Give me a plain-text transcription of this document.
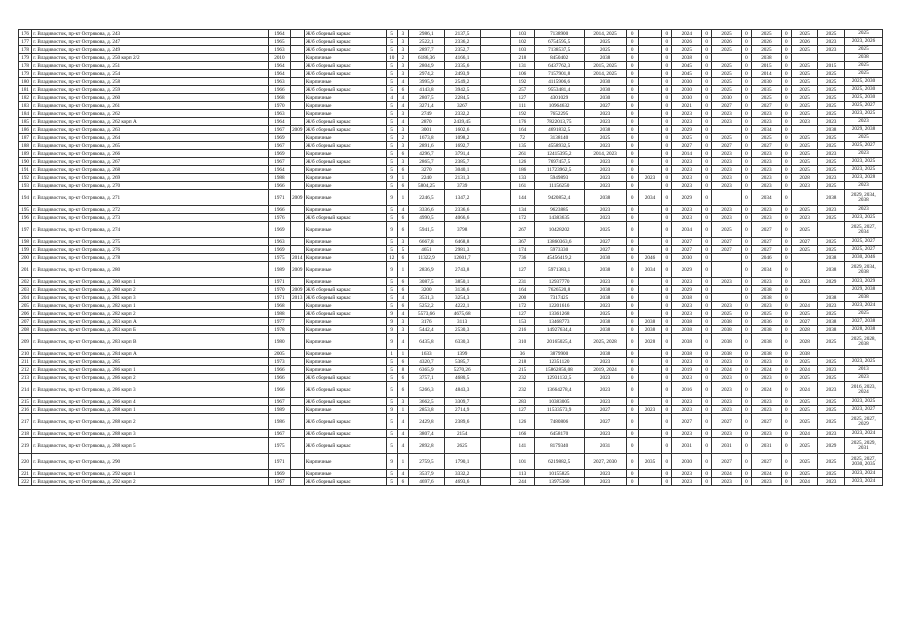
176	г. Владивосток, пр-кт Острякова, д. 243	1964		Ж/б сборный каркас	5	3	2986,1	2137,5		103	7138900	2014, 2025	0		0	2024	0	2025	0	2025	0	2025	2025	2025
177	г. Владивосток, пр-кт Острякова, д. 247	1965		Ж/б сборный каркас	5	3	2522,1	2336,2		102	6754595,5	2025	0		0	2026	0	2026	0	2026	0	2026	2023	2023, 2026
178	г. Владивосток, пр-кт Острякова, д. 249	1963		Ж/б сборный каркас	5	3	2897,7	2352,7		103	7138537,5	2025	0		0	2025	0	2025	0	2025	0	2025	2023	2025
179	г. Владивосток, пр-кт Острякова, д. 250 корп 2/2	2010		Кирпичные	10	2	6186,36	4166,1		218	8450402	2038	0		0	2038	0		0	2038	0			2038
178	г. Владивосток, пр-кт Острякова, д. 251	1964		Ж/б сборный каркас	5	3	2804,9	2335,6		131	6437762,3	2015, 2025	0		0	2045	0	2025	0	2015	0	2025	2015	2025
179	г. Владивосток, пр-кт Острякова, д. 254	1964		Ж/б сборный каркас	5	3	2974,2	2493,9		106	7157901,8	2014, 2025	0		0	2045	0	2025	0	2014	0	2025	2025	2025
180	г. Владивосток, пр-кт Острякова, д. 258	1963		Кирпичные	5	4	3995,9	2549,2		192	4115906,6	2030	0		0	2030	0	2025	0	2030	0	2025	2025	2025, 2030
181	г. Владивосток, пр-кт Острякова, д. 259	1966		Ж/б сборный каркас	5	6	4143,8	3942,5		257	9553481,4	2030	0		0	2030	0	2025	0	2035	0	2025	2025	2025, 2030
182	г. Владивосток, пр-кт Острякова, д. 260	1968		Кирпичные	4	4	2807,5	2284,5		127	4301029	2030	0		0	2030	0	2030	0	2025	0	2025	2025	2025, 2030
183	г. Владивосток, пр-кт Острякова, д. 261	1970		Кирпичные	5	4	3271,4	3267		111	10964632	2027	0		0	2021	0	2027	0	2027	0	2025	2025	2025, 2027
184	г. Владивосток, пр-кт Острякова, д. 262	1963		Кирпичные	5	3	2749	2332,2		192	7652295	2023	0		0	2023	0	2023	0	2023	0	2025	2025	2023, 2025
185	г. Владивосток, пр-кт Острякова, д. 262 корп А	1964		Ж/б сборный каркас	5	4	2870	2439,45		176	7822013,75	2023	0		0	2023	0	2023	0	2023	0	2023	2023	2023
186	г. Владивосток, пр-кт Острякова, д. 263	1967	2009	Ж/б сборный каркас	5	3	3001	1602,6		164	4691832,5	2038	0		0	2029	0		0	2034	0		2038	2029, 2038
187	г. Владивосток, пр-кт Острякова, д. 264	1969		Кирпичные	5	2	1673,8	1098,2		72	3138140	2025	0		0	2025	0	2025	0	2025	0	2025	2025	2025
188	г. Владивосток, пр-кт Острякова, д. 265	1967		Ж/б сборный каркас	5	3	2891,6	1692,7		135	4558932,5	2023	0		0	2027	0	2027	0	2027	0	2025	2025	2025, 2027
189	г. Владивосток, пр-кт Острякова, д. 266	1969		Кирпичные	5	6	4296,7	3791,4		261	12415395,2	2014, 2023	0		0	2014	0	2023	0	2023	0	2025	2023	2023
190	г. Владивосток, пр-кт Острякова, д. 267	1967		Ж/б сборный каркас	5	3	2865,7	2385,7		126	7697457,5	2023	0		0	2023	0	2023	0	2023	0	2025	2025	2023, 2025
191	г. Владивосток, пр-кт Острякова, д. 268	1964		Кирпичные	5	6	3270	3040,1		186	11723962,5	2023	0		0	2023	0	2023	0	2023	0	2025	2025	2023, 2025
192	г. Владивосток, пр-кт Острякова, д. 269	1988		Кирпичные	9	1	2240	2131,3		133	5949893	2023	0	2023	0	2023	0	2023	0	2023	0	2028	2023	2023, 2028
193	г. Владивосток, пр-кт Острякова, д. 270	1966		Кирпичные	5	6	5804,25	3739		161	11156250	2023	0		0	2023	0	2023	0	2023	0	2023	2025	2023
194	г. Владивосток, пр-кт Острякова, д. 271	1971	2009	Кирпичные	9	1	2246,5	1347,2		144	9420852,4	2038	0	2034	0	2029	0		0	2034	0		2038	2029, 2034, 2038
195	г. Владивосток, пр-кт Острякова, д. 272	1966		Кирпичные	5	4	3336,6	2336,6		134	9623885	2023	0		0	2023	0	2023	0	2023	0	2025	2023	2023
196	г. Владивосток, пр-кт Острякова, д. 273	1976		Ж/б сборный каркас	5	6	4990,5	4066,6		172	14383635	2023	0		0	2023	0	2023	0	2023	0	2023	2025	2023, 2025
197	г. Владивосток, пр-кт Острякова, д. 274	1969		Кирпичные	9	6	5941,5	3798		267	10428202	2025	0		0	2034	0	2025	0	2027	0	2025		2025, 2027, 2034
198	г. Владивосток, пр-кт Острякова, д. 275	1963		Кирпичные	5	3	6667,8	6468,8		367	13860363,6	2027	0		0	2027	0	2027	0	2027	0	2027	2025	2025, 2027
199	г. Владивосток, пр-кт Острякова, д. 276	1969		Кирпичные	5	5	4651	2981,3		174	5973330	2027	0		0	2027	0	2027	0	2027	0	2025	2025	2025, 2027
200	г. Владивосток, пр-кт Острякова, д. 278	1975	2014	Кирпичные	12	6	11322,9	12601,7		736	45456419,2	2030	0	2046	0	2030	0		0	2046	0		2038	2030, 2046
201	г. Владивосток, пр-кт Острякова, д. 280	1989	2009	Кирпичные	9	1	2836,9	2743,8		127	5971383,1	2038	0	2034	0	2029	0		0	2034	0		2038	2029, 2034, 2038
202	г. Владивосток, пр-кт Острякова, д. 280 корп 1	1971		Кирпичные	5	6	3087,5	3850,1		231	12937770	2023	0		0	2023	0	2023	0	2023	0	2023	2029	2023, 2029
203	г. Владивосток, пр-кт Острякова, д. 280 корп 2	1970	2009	Ж/б сборный каркас	5	6	3200	3136,6		164	7626520,8	2038	0		0	2029	0		0	2038	0			2029, 2038
204	г. Владивосток, пр-кт Острякова, д. 281 корп 3	1971	2013	Ж/б сборный каркас	5	4	3531,3	3254,3		200	7317425	2038	0		0	2038	0		0	2038	0		2038	2038
205	г. Владивосток, пр-кт Острякова, д. 282 корп 1	1968		Кирпичные	5	6	5252,2	4222,1		172	12201616	2023	0		0	2023	0	2023	0	2023	0	2024	2023	2023, 2024
206	г. Владивосток, пр-кт Острякова, д. 282 корп 2	1988		Ж/б сборный каркас	9	4	5573,66	4675,68		127	13361268	2025	0		0	2023	0	2025	0	2025	0	2025	2025	2025
207	г. Владивосток, пр-кт Острякова, д. 283 корп А	1977		Кирпичные	9	3	3176	3113		153	13468773	2038	0	2038	0	2038	0	2038	0	2036	0	2027	2038	2027, 2038
208	г. Владивосток, пр-кт Острякова, д. 283 корп Б	1978		Кирпичные	9	3	5442,4	2530,3		216	14927634,4	2038	0	2038	0	2038	0	2038	0	2038	0	2028	2038	2028, 2038
209	г. Владивосток, пр-кт Острякова, д. 283 корп В	1980		Кирпичные	9	4	6435,8	6330,3		310	20165025,4	2025, 2028	0	2028	0	2038	0	2038	0	2038	0	2028	2025	2025, 2028, 2038
210	г. Владивосток, пр-кт Острякова, д. 284 корп А	2005		Кирпичные	1	1	1633	1399		36	3879900	2038	0		0	2038	0	2038	0	2038	0	2038		
211	г. Владивосток, пр-кт Острякова, д. 285	1973		Кирпичные	5	6	4320,7	5385,7		218	12351120	2023	0		0	2023	0	2023	0	2023	0	2025	2025	2023, 2025
212	г. Владивосток, пр-кт Острякова, д. 286 корп 1	1966		Кирпичные	5	8	6365,9	5270,26		215	15862856,08	2019, 2024	0		0	2019	0	2024	0	2024	0	2024	2023	2013
213	г. Владивосток, пр-кт Острякова, д. 286 корп 2	1966		Ж/б сборный каркас	5	6	3757,1	4680,5		232	12931132,5	2023	0		0	2023	0	2023	0	2023	0	2025	2025	2023
214	г. Владивосток, пр-кт Острякова, д. 286 корп 3	1966		Ж/б сборный каркас	5	6	5266,3	4843,3		232	13664278,4	2023	0		0	2016	0	2023	0	2024	0	2024	2023	2016, 2023, 2024
215	г. Владивосток, пр-кт Острякова, д. 286 корп 4	1967		Ж/б сборный каркас	5	3	3662,5	3309,7		283	10383005	2023	0		0	2023	0	2023	0	2023	0	2025	2025	2023, 2025
216	г. Владивосток, пр-кт Острякова, д. 288 корп 1	1989		Кирпичные	9	1	2853,8	2714,9		127	11533573,9	2027	0	2023	0	2023	0	2023	0	2023	0	2025	2025	2023, 2027
217	г. Владивосток, пр-кт Острякова, д. 288 корп 2	1986		Ж/б сборный каркас	5	4	2429,8	2389,6		126	7480806	2027	0		0	2027	0	2027	0	2027	0	2025	2025	2025, 2027, 2029
218	г. Владивосток, пр-кт Острякова, д. 288 корп 3	1967		Ж/б сборный каркас	5	4	3807,4	2154		166	6458170	2023	0		0	2023	0	2023	0	2023	0	2024	2023	2023, 2024
219	г. Владивосток, пр-кт Острякова, д. 288 корп 5	1975		Ж/б сборный каркас	5	4	2892,8	2625		141	8179340	2031	0		0	2031	0	2031	0	2031	0	2025	2029	2025, 2029, 2031
220	г. Владивосток, пр-кт Острякова, д. 290	1971		Кирпичные	9	1	2759,5	1790,1		101	6219882,5	2027, 2030	0	2035	0	2030	0	2027	0	2027	0	2025	2025	2025, 2027, 2030, 2035
221	г. Владивосток, пр-кт Острякова, д. 292 корп 1	1969		Кирпичные	5	4	3537,9	3332,2		113	10155825	2023	0		0	2023	0	2024	0	2024	0	2025	2025	2023, 2024
222	г. Владивосток, пр-кт Острякова, д. 292 корп 2	1967		Ж/б сборный каркас	5	6	4697,6	4693,6		244	13975360	2023	0		0	2023	0	2023	0	2023	0	2024	2023	2023, 2024
